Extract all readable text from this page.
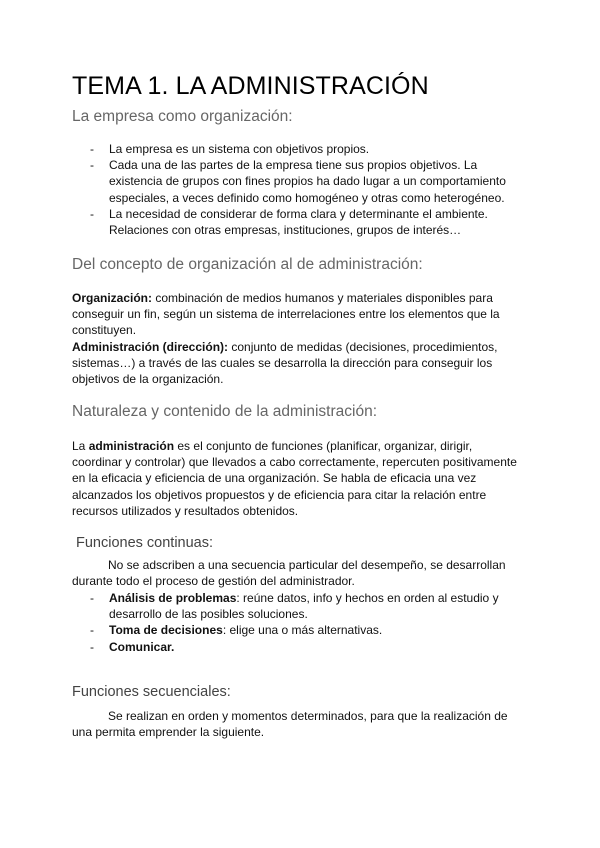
TEMA 1. LA ADMINISTRACIÓN
La empresa como organización:
- La empresa es un sistema con objetivos propios.
- Cada una de las partes de la empresa tiene sus propios objetivos. La
existencia de grupos con fines propios ha dado lugar a un comportamiento
especiales, a veces definido como homogéneo y otras como heterogéneo.
- La necesidad de considerar de forma clara y determinante el ambiente.
Relaciones con otras empresas, instituciones, grupos de interés…
Del concepto de organización al de administración:
Organización: combinación de medios humanos y materiales disponibles para
conseguir un fin, según un sistema de interrelaciones entre los elementos que la
constituyen.
Administración (dirección): conjunto de medidas (decisiones, procedimientos,
sistemas…) a través de las cuales se desarrolla la dirección para conseguir los
objetivos de la organización.
Naturaleza y contenido de la administración:
La administración es el conjunto de funciones (planificar, organizar, dirigir,
coordinar y controlar) que llevados a cabo correctamente, repercuten positivamente
en la eficacia y eficiencia de una organización. Se habla de eficacia una vez
alcanzados los objetivos propuestos y de eficiencia para citar la relación entre
recursos utilizados y resultados obtenidos.
Funciones continuas:
No se adscriben a una secuencia particular del desempeño, se desarrollan
durante todo el proceso de gestión del administrador.
- Análisis de problemas: reúne datos, info y hechos en orden al estudio y
desarrollo de las posibles soluciones.
- Toma de decisiones: elige una o más alternativas.
- Comunicar.
Funciones secuenciales:
Se realizan en orden y momentos determinados, para que la realización de
una permita emprender la siguiente.
